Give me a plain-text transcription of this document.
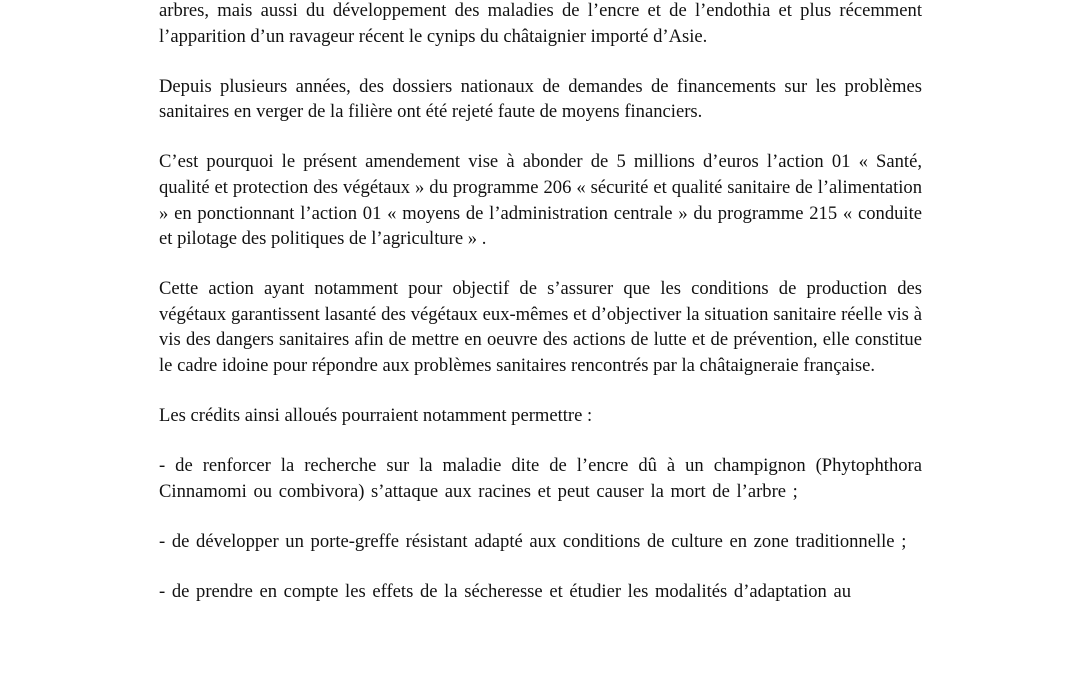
arbres, mais aussi du développement des maladies de l’encre et de l’endothia et plus récemment l’apparition d’un ravageur récent le cynips du châtaignier importé d’Asie.

Depuis plusieurs années, des dossiers nationaux de demandes de financements sur les problèmes sanitaires en verger de la filière ont été rejeté faute de moyens financiers.

C’est pourquoi le présent amendement vise à abonder de 5 millions d’euros l’action 01 « Santé, qualité et protection des végétaux » du programme 206 « sécurité et qualité sanitaire de l’alimentation » en ponctionnant l’action 01 « moyens de l’administration centrale » du programme 215 « conduite et pilotage des politiques de l’agriculture » .

Cette action ayant notamment pour objectif de s’assurer que les conditions de production des végétaux garantissent lasanté des végétaux eux-mêmes et d’objectiver la situation sanitaire réelle vis à vis des dangers sanitaires afin de mettre en oeuvre des actions de lutte et de prévention, elle constitue le cadre idoine pour répondre aux problèmes sanitaires rencontrés par la châtaigneraie française.

Les crédits ainsi alloués pourraient notamment permettre :

- de renforcer la recherche sur la maladie dite de l’encre dû à un champignon (Phytophthora Cinnamomi ou combivora) s’attaque aux racines et peut causer la mort de l’arbre ;

- de développer un porte-greffe résistant adapté aux conditions de culture en zone traditionnelle ;

- de prendre en compte les effets de la sécheresse et étudier les modalités d’adaptation au
